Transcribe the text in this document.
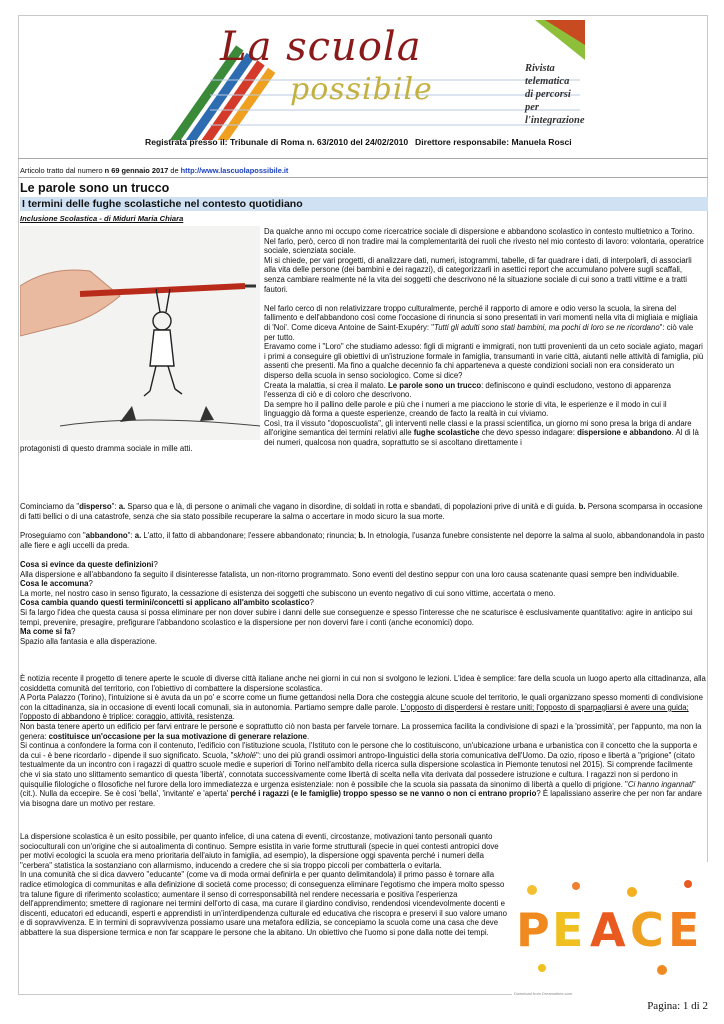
La scuola
possibile
Rivista
telematica
di percorsi
per l'integrazione
Registrata presso il: Tribunale di Roma n. 63/2010 del 24/02/2010 Direttore responsabile: Manuela Rosci
Articolo tratto dal numero n 69 gennaio 2017 de http://www.lascuolapossibile.it
Le parole sono un trucco
I termini delle fughe scolastiche nel contesto quotidiano
Inclusione Scolastica - di Miduri Maria Chiara

Da qualche anno mi occupo come ricercatrice sociale di dispersione e abbandono scolastico in contesto multietnico a Torino.

Nel farlo, però, cerco di non tradire mai la complementarità dei ruoli che rivesto nel mio contesto di lavoro: volontaria, operatrice sociale, scienziata sociale.

Mi si chiede, per vari progetti, di analizzare dati, numeri, istogrammi, tabelle, di far quadrare i dati, di interpolarli, di associarli alla vita delle persone (dei bambini e dei ragazzi), di categorizzarli in asettici report che accumulano polvere sugli scaffali, senza cambiare realmente né la vita dei soggetti che descrivono né la situazione sociale di cui sono a tratti vittime e a tratti fautori.

Nel farlo cerco di non relativizzare troppo culturalmente, perché il rapporto di amore e odio verso la scuola, la sirena del fallimento e dell'abbandono così come l'occasione di rinuncia si sono presentati in vari momenti nella vita di migliaia e migliaia di 'Noi'. Come diceva Antoine de Saint-Exupéry: "Tutti gli adulti sono stati bambini, ma pochi di loro se ne ricordano": ciò vale per tutto.

Eravamo come i "Loro" che studiamo adesso: figli di migranti e immigrati, non tutti provenienti da un ceto sociale agiato, magari i primi a conseguire gli obiettivi di un'istruzione formale in famiglia, transumanti in varie città, aiutanti nelle attività di famiglia, più assenti che presenti. Ma fino a qualche decennio fa chi apparteneva a queste condizioni sociali non era considerato un disperso della scuola in senso sociologico. Come si dice?

Creata la malattia, si crea il malato. Le parole sono un trucco: definiscono e quindi escludono, vestono di apparenza l'essenza di ciò e di coloro che descrivono.

Da sempre ho il pallino delle parole e più che i numeri a me piacciono le storie di vita, le esperienze e il modo in cui il linguaggio dà forma a queste esperienze, creando de facto la realtà in cui viviamo.

Così, tra il vissuto "doposcuolista", gli interventi nelle classi e la prassi scientifica, un giorno mi sono presa la briga di andare all'origine semantica dei termini relativi alle fughe scolastiche che devo spesso indagare: dispersione e abbandono. Al di là dei numeri, qualcosa non quadra, soprattutto se si ascoltano direttamente i

protagonisti di questo dramma sociale in mille atti.

Cominciamo da "disperso": a. Sparso qua e là, di persone o animali che vagano in disordine, di soldati in rotta e sbandati, di popolazioni prive di unità e di guida. b. Persona scomparsa in occasione di fatti bellici o di una catastrofe, senza che sia stato possibile recuperare la salma o accertare in modo sicuro la sua morte.

Proseguiamo con "abbandono": a. L'atto, il fatto di abbandonare; l'essere abbandonato; rinuncia; b. In etnologia, l'usanza funebre consistente nel deporre la salma al suolo, abbandonandola in pasto alle fiere e agli uccelli da preda.

Cosa si evince da queste definizioni?

Alla dispersione e all'abbandono fa seguito il disinteresse fatalista, un non-ritorno programmato. Sono eventi del destino seppur con una loro causa scatenante quasi sempre ben individuabile.

Cosa le accomuna?

La morte, nel nostro caso in senso figurato, la cessazione di esistenza dei soggetti che subiscono un evento negativo di cui sono vittime, accertata o meno.

Cosa cambia quando questi termini/concetti si applicano all'ambito scolastico?

Si fa largo l'idea che questa causa si possa eliminare per non dover subire i danni delle sue conseguenze e spesso l'interesse che ne scaturisce è esclusivamente quantitativo: agire in anticipo sui tempi, prevenire, presagire, prefigurare l'abbandono scolastico e la dispersione per non dovervi fare i conti (anche economici) dopo.

Ma come si fa?

Spazio alla fantasia e alla disperazione.

È notizia recente il progetto di tenere aperte le scuole di diverse città italiane anche nei giorni in cui non si svolgono le lezioni. L'idea è semplice: fare della scuola un luogo aperto alla cittadinanza, alla cosiddetta comunità del territorio, con l'obiettivo di combattere la dispersione scolastica.

A Porta Palazzo (Torino), l'intuizione si è avuta da un po' e scorre come un fiume gettandosi nella Dora che costeggia alcune scuole del territorio, le quali organizzano spesso momenti di condivisione con la cittadinanza, sia in occasione di eventi locali comunali, sia in autonomia. Partiamo sempre dalle parole. L'opposto di disperdersi è restare uniti; l'opposto di sparpagliarsi è avere una guida; l'opposto di abbandono è triplice: coraggio, attività, resistenza.

Non basta tenere aperto un edificio per farvi entrare le persone e soprattutto ciò non basta per farvele tornare. La prossemica facilita la condivisione di spazi e la 'prossimità', per l'appunto, ma non la genera: costituisce un'occasione per la sua motivazione di generare relazione.

Si continua a confondere la forma con il contenuto, l'edificio con l'istituzione scuola, l'Istituto con le persone che lo costituiscono, un'ubicazione urbana e urbanistica con il concetto che la supporta e da cui - è bene ricordarlo - dipende il suo significato. Scuola, "skholé": uno dei più grandi ossimori antropo-linguistici della storia comunicativa dell'Uomo. Da ozio, riposo e libertà a "prigione" (citato testualmente da un incontro con i ragazzi di quattro scuole medie e superiori di Torino nell'ambito della ricerca sulla dispersione scolastica in Piemonte tenutosi nel 2015). Si comprende facilmente che vi sia stato uno slittamento semantico di questa 'libertà', connotata successivamente come libertà di scelta nella vita derivata dal possedere istruzione e cultura. I ragazzi non si perdono in quisquilie filologiche o filosofiche nel furore della loro immediatezza e urgenza esistenziale: non è possibile che la scuola sia passata da sinonimo di libertà a quello di prigione. "Ci hanno ingannati" (cit.). Nulla da eccepire. Se è così 'bella', 'invitante' e 'aperta' perché i ragazzi (e le famiglie) troppo spesso se ne vanno o non ci entrano proprio? È lapalissiano asserire che per non far andare via bisogna dare un motivo per restare.

La dispersione scolastica è un esito possibile, per quanto infelice, di una catena di eventi, circostanze, motivazioni tanto personali quanto socioculturali con un'origine che si autoalimenta di continuo. Sempre esistita in varie forme strutturali (specie in quei contesti antropici dove per motivi ecologici la scuola era meno prioritaria dell'aiuto in famiglia, ad esempio), la dispersione oggi spaventa perché i numeri della "cerbera" statistica la sostanziano con allarmismo, inducendo a credere che si sia troppo piccoli per combatterla o evitarla.

In una comunità che si dica davvero "educante" (come va di moda ormai definirla e per quanto delimitandola) il primo passo è tornare alla radice etimologica di communitas e alla definizione di società come processo; di conseguenza eliminare l'egotismo che impera molto spesso tra talune figure di riferimento scolastico; aumentare il senso di corresponsabilità nel rendere necessaria e positiva l'esperienza dell'apprendimento; smettere di ragionare nei termini dell'orto di casa, ma curare il giardino condiviso, rendendosi vicendevolmente docenti e discenti, educatori ed educandi, esperti e apprendisti in un'interdipendenza culturale ed educativa che riscopra e preservi il suo valore umano e di sopravvivenza. E in termini di sopravvivenza possiamo usare una metafora edilizia, se concepiamo la scuola come una casa che deve abbattere la sua dispersione termica e non far scappare le persone che la abitano. Un obiettivo che l'uomo si pone dalla notte dei tempi. P E A C E
Download from Dreamstime.com
Pagina: 1 di 2
